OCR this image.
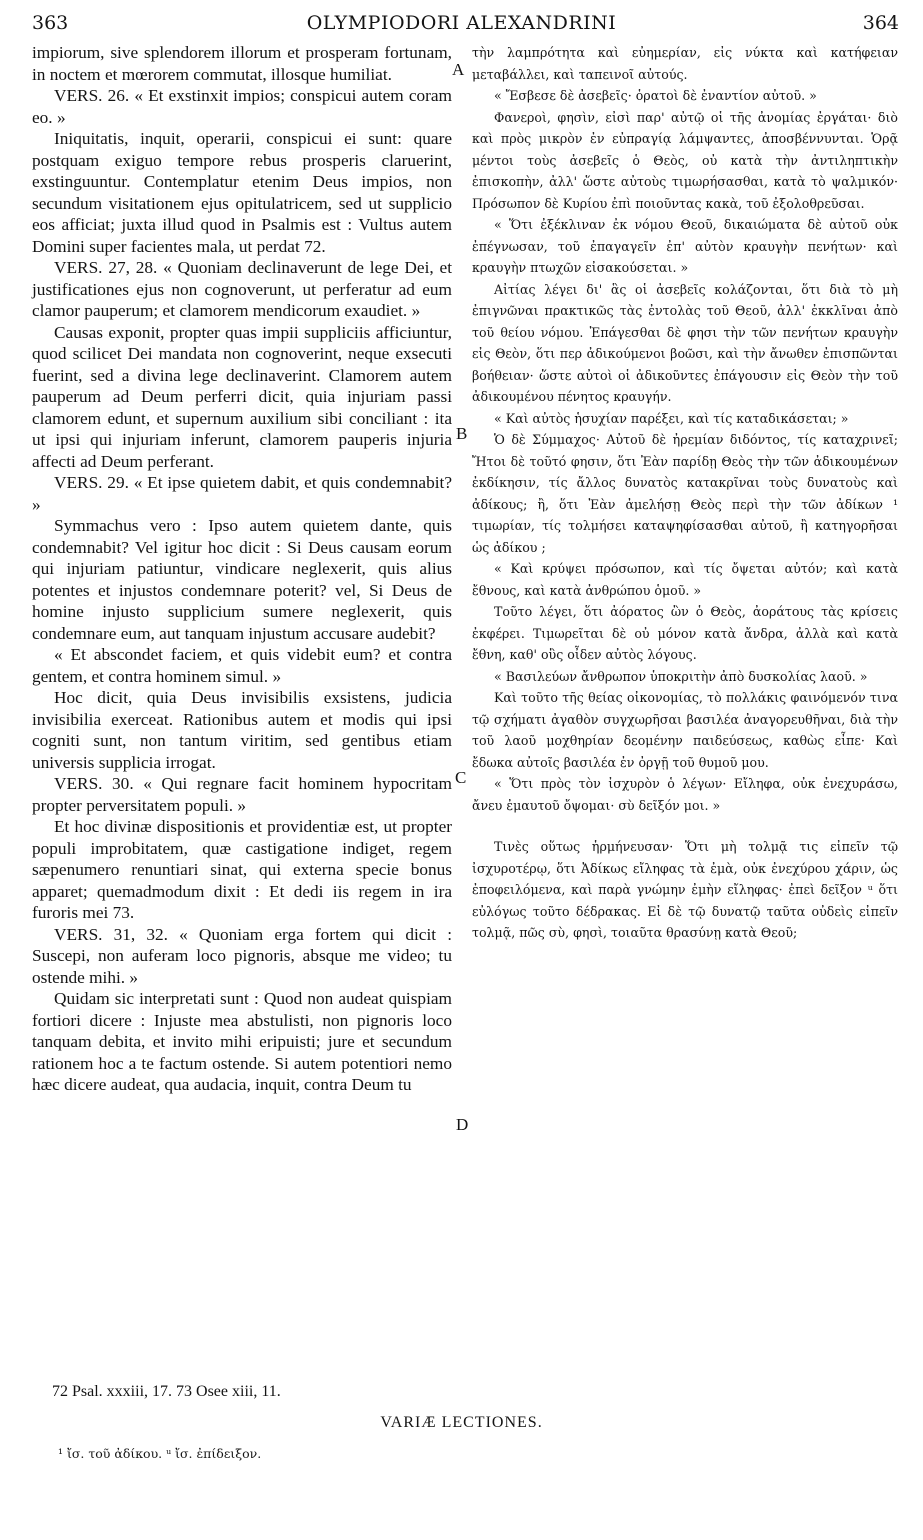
363	OLYMPIODORI ALEXANDRINI	364

impiorum, sive splendorem illorum et prosperam fortunam, in noctem et mœrorem commutat, illosque humiliat.

VERS. 26. « Et exstinxit impios; conspicui autem coram eo. »

Iniquitatis, inquit, operarii, conspicui ei sunt: quare postquam exiguo tempore rebus prosperis claruerint, exstinguuntur. Contemplatur etenim Deus impios, non secundum visitationem ejus opitulatricem, sed ut supplicio eos afficiat; juxta illud quod in Psalmis est : Vultus autem Domini super facientes mala, ut perdat 72.

VERS. 27, 28. « Quoniam declinaverunt de lege Dei, et justificationes ejus non cognoverunt, ut perferatur ad eum clamor pauperum; et clamorem mendicorum exaudiet. »

Causas exponit, propter quas impii suppliciis afficiuntur, quod scilicet Dei mandata non cognoverint, neque exsecuti fuerint, sed a divina lege declinaverint. Clamorem autem pauperum ad Deum perferri dicit, quia injuriam passi clamorem edunt, et supernum auxilium sibi conciliant : ita ut ipsi qui injuriam inferunt, clamorem pauperis injuria affecti ad Deum perferant.

VERS. 29. « Et ipse quietem dabit, et quis condemnabit? »

Symmachus vero : Ipso autem quietem dante, quis condemnabit? Vel igitur hoc dicit : Si Deus causam eorum qui injuriam patiuntur, vindicare neglexerit, quis alius potentes et injustos condemnare poterit? vel, Si Deus de homine injusto supplicium sumere neglexerit, quis condemnare eum, aut tanquam injustum accusare audebit?

« Et abscondet faciem, et quis videbit eum? et contra gentem, et contra hominem simul. »

Hoc dicit, quia Deus invisibilis exsistens, judicia invisibilia exerceat. Rationibus autem et modis qui ipsi cogniti sunt, non tantum viritim, sed gentibus etiam universis supplicia irrogat.

VERS. 30. « Qui regnare facit hominem hypocritam propter perversitatem populi. »

Et hoc divinæ dispositionis et providentiæ est, ut propter populi improbitatem, quæ castigatione indiget, regem sæpenumero renuntiari sinat, qui externa specie bonus apparet; quemadmodum dixit : Et dedi iis regem in ira furoris mei 73.

VERS. 31, 32. « Quoniam erga fortem qui dicit : Suscepi, non auferam loco pignoris, absque me video; tu ostende mihi. »

Quidam sic interpretati sunt : Quod non audeat quispiam fortiori dicere : Injuste mea abstulisti, non pignoris loco tanquam debita, et invito mihi eripuisti; jure et secundum rationem hoc a te factum ostende. Si autem potentiori nemo hæc dicere audeat, qua audacia, inquit, contra Deum tu

τὴν λαμπρότητα καὶ εὐημερίαν, εἰς νύκτα καὶ κατήφειαν μεταβάλλει, καὶ ταπεινοῖ αὐτούς.

« Ἔσβεσε δὲ ἀσεβεῖς· ὁρατοὶ δὲ ἐναντίον αὐτοῦ. »

Φανεροὶ, φησὶν, εἰσὶ παρ' αὐτῷ οἱ τῆς ἀνομίας ἐργάται· διὸ καὶ πρὸς μικρὸν ἐν εὐπραγίᾳ λάμψαντες, ἀποσβέννυνται. Ὁρᾷ μέντοι τοὺς ἀσεβεῖς ὁ Θεὸς, οὐ κατὰ τὴν ἀντιληπτικὴν ἐπισκοπὴν, ἀλλ' ὥστε αὐτοὺς τιμωρήσασθαι, κατὰ τὸ ψαλμικόν· Πρόσωπον δὲ Κυρίου ἐπὶ ποιοῦντας κακὰ, τοῦ ἐξολοθρεῦσαι.

« Ὅτι ἐξέκλιναν ἐκ νόμου Θεοῦ, δικαιώματα δὲ αὐτοῦ οὐκ ἐπέγνωσαν, τοῦ ἐπαγαγεῖν ἐπ' αὐτὸν κραυγὴν πενήτων· καὶ κραυγὴν πτωχῶν εἰσακούσεται. »

Αἰτίας λέγει δι' ἃς οἱ ἀσεβεῖς κολάζονται, ὅτι διὰ τὸ μὴ ἐπιγνῶναι πρακτικῶς τὰς ἐντολὰς τοῦ Θεοῦ, ἀλλ' ἐκκλῖναι ἀπὸ τοῦ θείου νόμου. Ἐπάγεσθαι δὲ φησι τὴν τῶν πενήτων κραυγὴν εἰς Θεὸν, ὅτι περ ἀδικούμενοι βοῶσι, καὶ τὴν ἄνωθεν ἐπισπῶνται βοήθειαν· ὥστε αὐτοὶ οἱ ἀδικοῦντες ἐπάγουσιν εἰς Θεὸν τὴν τοῦ ἀδικουμένου πένητος κραυγήν.

« Καὶ αὐτὸς ἡσυχίαν παρέξει, καὶ τίς καταδικάσεται; »

Ὁ δὲ Σύμμαχος· Αὐτοῦ δὲ ἠρεμίαν διδόντος, τίς καταχρινεῖ; Ἤτοι δὲ τοῦτό φησιν, ὅτι Ἐὰν παρίδῃ Θεὸς τὴν τῶν ἀδικουμένων ἐκδίκησιν, τίς ἄλλος δυνατὸς κατακρῖναι τοὺς δυνατοὺς καὶ ἀδίκους; ἢ, ὅτι Ἐὰν ἀμελήσῃ Θεὸς περὶ τὴν τῶν ἀδίκων ¹ τιμωρίαν, τίς τολμήσει καταψηφίσασθαι αὐτοῦ, ἢ κατηγορῆσαι ὡς ἀδίκου ;

« Καὶ κρύψει πρόσωπον, καὶ τίς ὄψεται αὐτόν; καὶ κατὰ ἔθνους, καὶ κατὰ ἀνθρώπου ὁμοῦ. »

Τοῦτο λέγει, ὅτι ἀόρατος ὢν ὁ Θεὸς, ἀοράτους τὰς κρίσεις ἐκφέρει. Τιμωρεῖται δὲ οὐ μόνον κατὰ ἄνδρα, ἀλλὰ καὶ κατὰ ἔθνη, καθ' οὓς οἶδεν αὐτὸς λόγους.

« Βασιλεύων ἄνθρωπον ὑποκριτὴν ἀπὸ δυσκολίας λαοῦ. »

Καὶ τοῦτο τῆς θείας οἰκονομίας, τὸ πολλάκις φαινόμενόν τινα τῷ σχήματι ἀγαθὸν συγχωρῆσαι βασιλέα ἀναγορευθῆναι, διὰ τὴν τοῦ λαοῦ μοχθηρίαν δεομένην παιδεύσεως, καθὼς εἶπε· Καὶ ἔδωκα αὐτοῖς βασιλέα ἐν ὀργῇ τοῦ θυμοῦ μου.

« Ὅτι πρὸς τὸν ἰσχυρὸν ὁ λέγων· Εἴληφα, οὐκ ἐνεχυράσω, ἄνευ ἐμαυτοῦ ὄψομαι· σὺ δεῖξόν μοι. »

Τινὲς οὕτως ἡρμήνευσαν· Ὅτι μὴ τολμᾷ τις εἰπεῖν τῷ ἰσχυροτέρῳ, ὅτι Ἀδίκως εἴληφας τὰ ἐμὰ, οὐκ ἐνεχύρου χάριν, ὡς ἐποφειλόμενα, καὶ παρὰ γνώμην ἐμὴν εἴληφας· ἐπεὶ δεῖξον ᵘ ὅτι εὐλόγως τοῦτο δέδρακας. Εἰ δὲ τῷ δυνατῷ ταῦτα οὐδεὶς εἰπεῖν τολμᾷ, πῶς σὺ, φησὶ, τοιαῦτα θρασύνῃ κατὰ Θεοῦ;

A
B
C
D
72 Psal. xxxiii, 17. 73 Osee xiii, 11.
VARIÆ LECTIONES.
¹ ἴσ. τοῦ ἀδίκου. ᵘ ἴσ. ἐπίδειξον.
